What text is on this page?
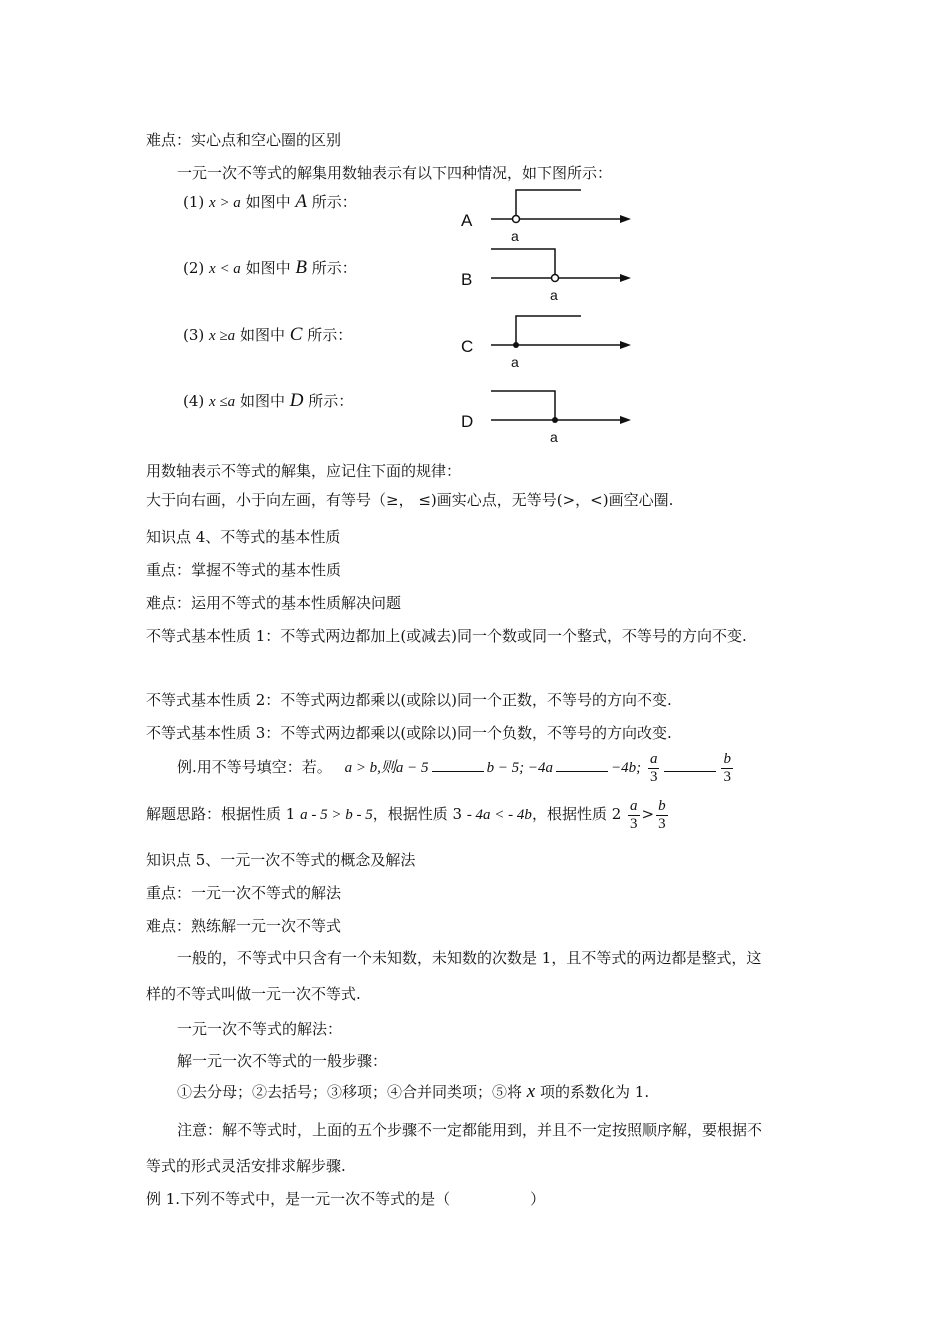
难点：实心点和空心圈的区别
一元一次不等式的解集用数轴表示有以下四种情况，如下图所示：
(1) x > a 如图中 A 所示：
(2) x < a 如图中 B 所示：
(3) x ≥a 如图中 C 所示：
(4) x ≤a 如图中 D 所示：
A
a
B
a
C
a
D
a
用数轴表示不等式的解集，应记住下面的规律：
大于向右画，小于向左画，有等号（≥， ≤)画实心点，无等号(>，<)画空心圈.
知识点 4、不等式的基本性质
重点：掌握不等式的基本性质
难点：运用不等式的基本性质解决问题
不等式基本性质 1：不等式两边都加上(或减去)同一个数或同一个整式，不等号的方向不变.
不等式基本性质 2：不等式两边都乘以(或除以)同一个正数，不等号的方向不变.
不等式基本性质 3：不等式两边都乘以(或除以)同一个负数，不等号的方向改变.
例.用不等号填空：若。 a > b,则a − 5	b − 5; −4a	−4b; $\frac{a}{3}$	$\frac{b}{3}$
解题思路：根据性质 1 a - 5 > b - 5，根据性质 3 - 4a < - 4b，根据性质 $2 \frac{a}{3} > \frac{b}{3}$
知识点 5、一元一次不等式的概念及解法
重点：一元一次不等式的解法
难点：熟练解一元一次不等式
一般的，不等式中只含有一个未知数，未知数的次数是 1，且不等式的两边都是整式，这
样的不等式叫做一元一次不等式.
一元一次不等式的解法：
解一元一次不等式的一般步骤：
①去分母；②去括号；③移项；④合并同类项；⑤将 x 项的系数化为 1.
注意：解不等式时，上面的五个步骤不一定都能用到，并且不一定按照顺序解，要根据不
等式的形式灵活安排求解步骤.
例 1.下列不等式中，是一元一次不等式的是（	）
